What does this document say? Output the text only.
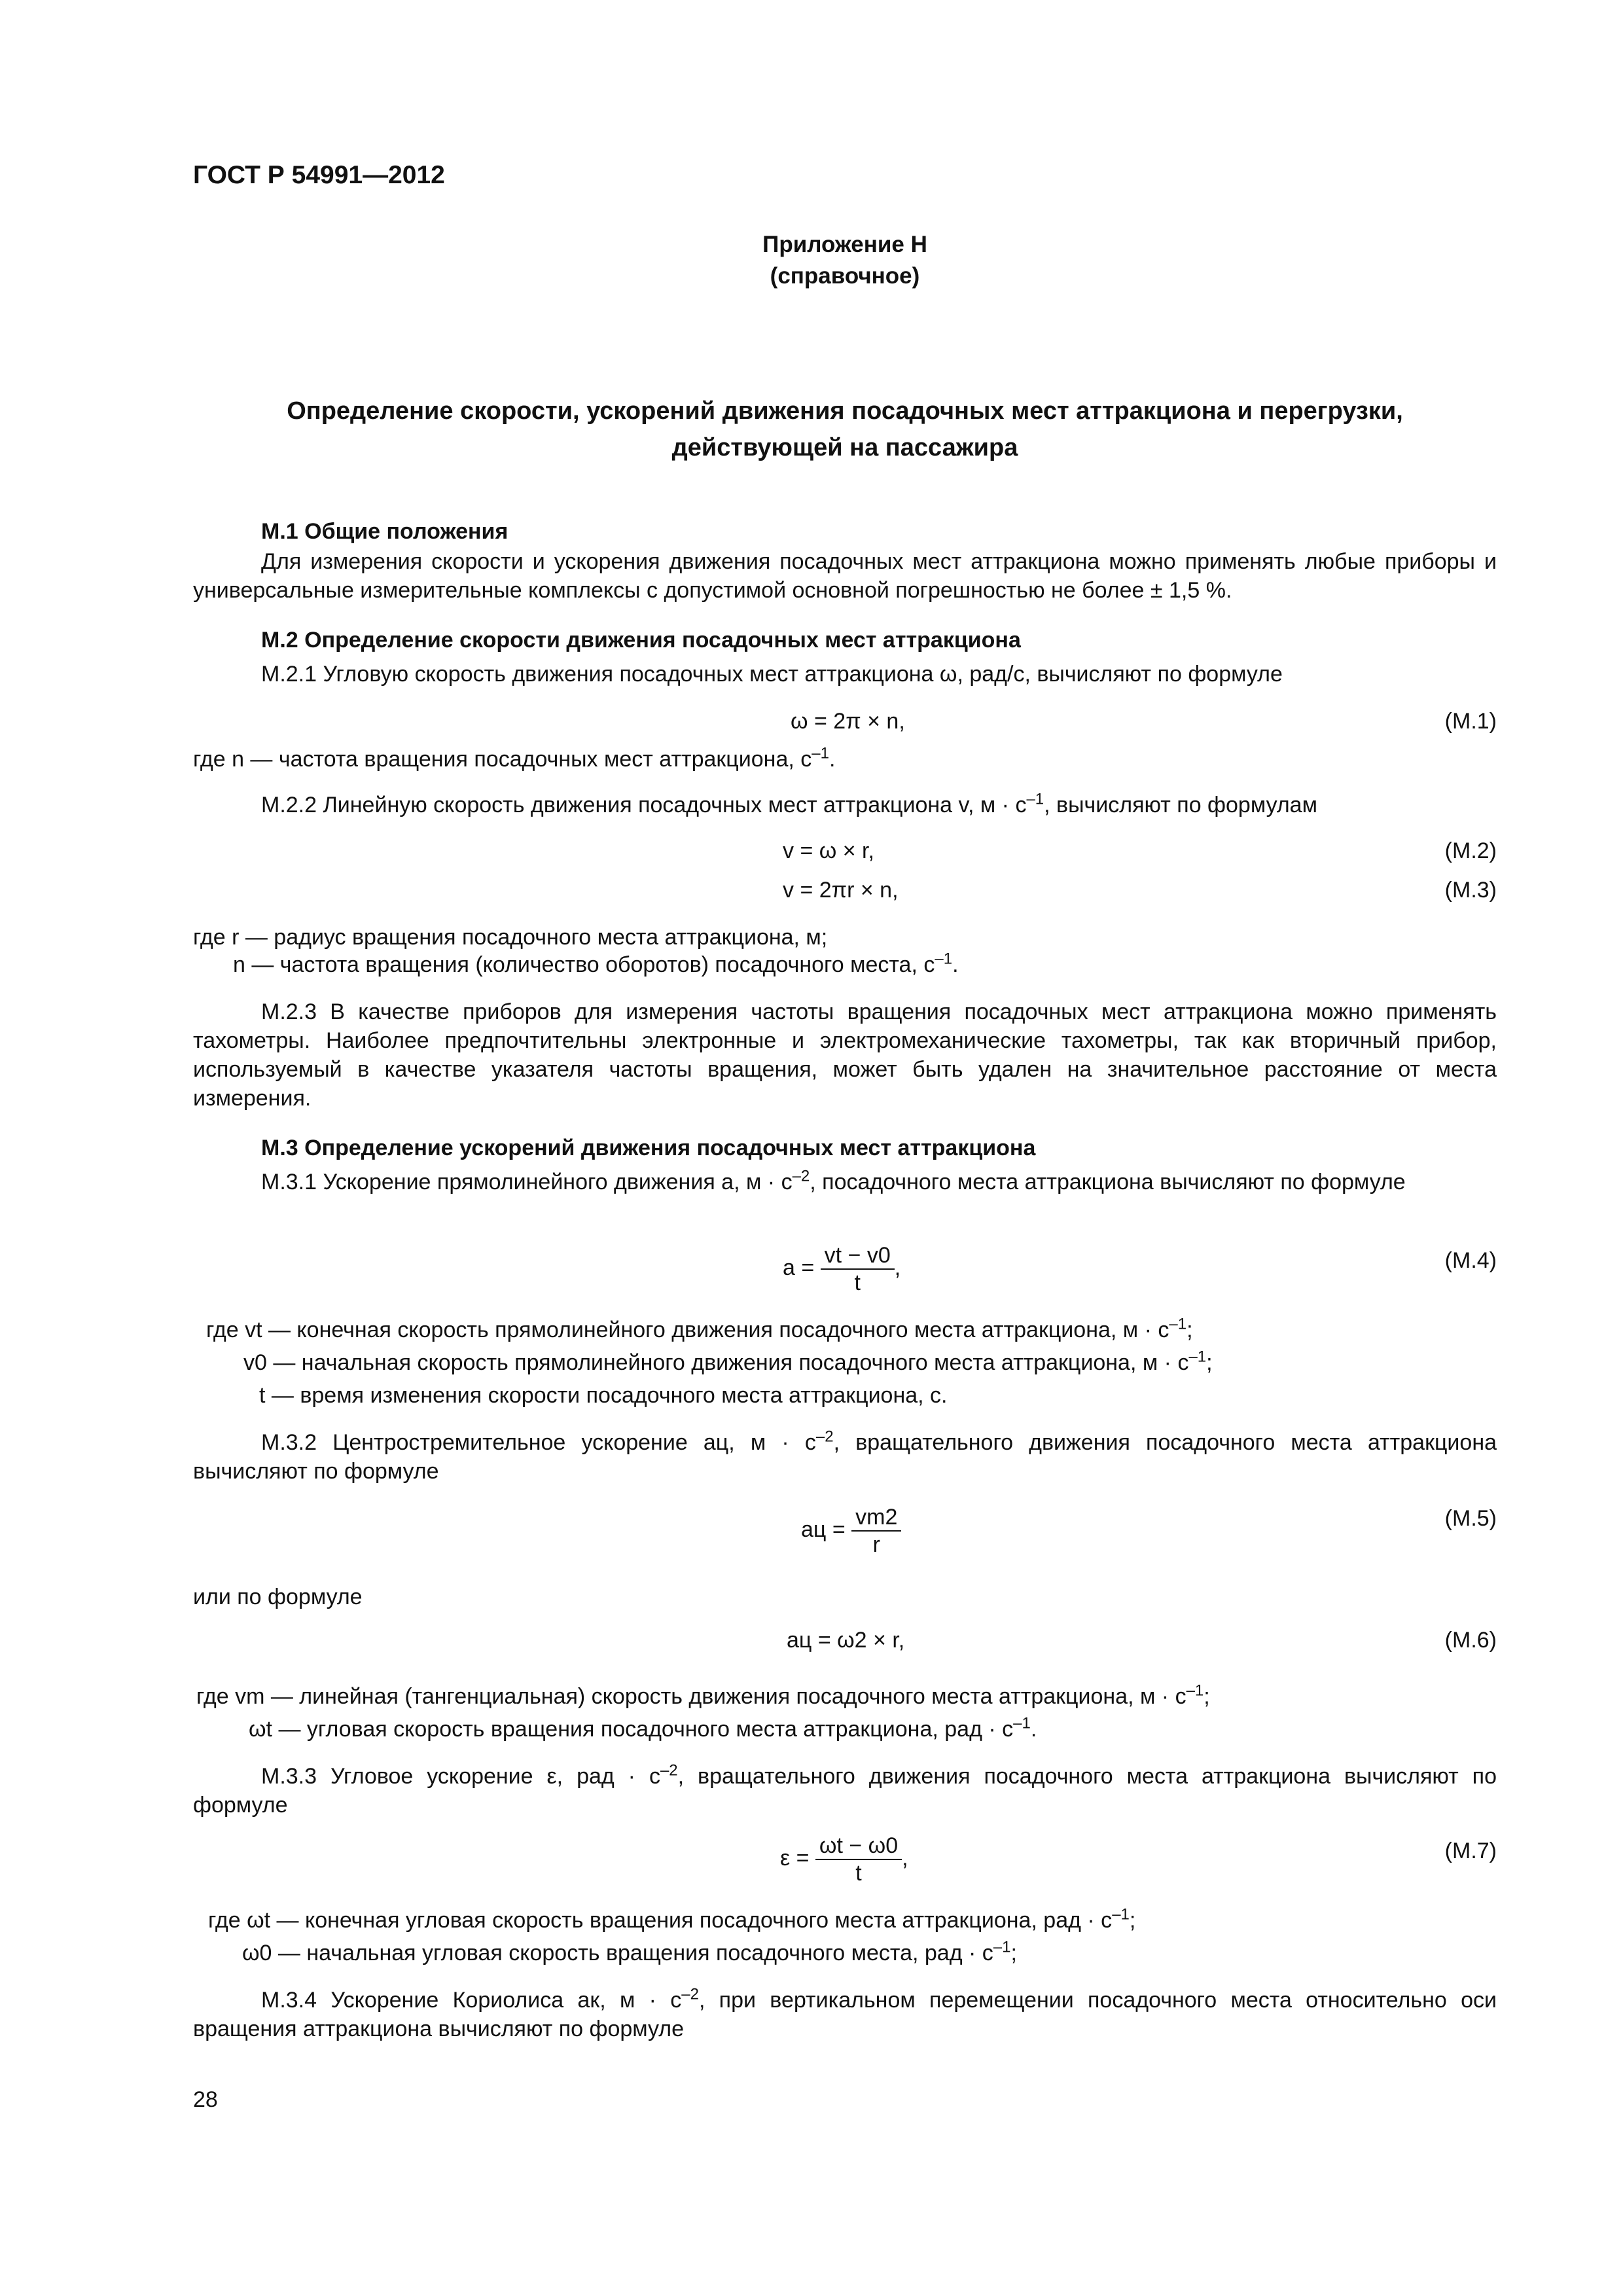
ГОСТ Р 54991—2012
Приложение Н
(справочное)
Определение скорости, ускорений движения посадочных мест аттракциона и перегрузки,
действующей на пассажира
М.1 Общие положения
Для измерения скорости и ускорения движения посадочных мест аттракциона можно применять любые приборы и универсальные измерительные комплексы с допустимой основной погрешностью не более ± 1,5 %.
М.2 Определение скорости движения посадочных мест аттракциона
М.2.1 Угловую скорость движения посадочных мест аттракциона ω, рад/с, вычисляют по формуле
ω = 2π × n,	(М.1)
где n — частота вращения посадочных мест аттракциона, $с^{-1}$.
М.2.2 Линейную скорость движения посадочных мест аттракциона v, $м \cdot с^{-1}$, вычисляют по формулам
v = ω × r,	(М.2)
v = 2πr × n,	(М.3)
где r — радиус вращения посадочного места аттракциона, м;
n — частота вращения (количество оборотов) посадочного места, $с^{-1}$.
М.2.3 В качестве приборов для измерения частоты вращения посадочных мест аттракциона можно применять тахометры. Наиболее предпочтительны электронные и электромеханические тахометры, так как вторичный прибор, используемый в качестве указателя частоты вращения, может быть удален на значительное расстояние от места измерения.
М.3 Определение ускорений движения посадочных мест аттракциона
М.3.1 Ускорение прямолинейного движения a, $м \cdot с^{-2}$, посадочного места аттракциона вычисляют по формуле
$a = \frac{vt - v0}{t}$ ,	(М.4)
где vt — конечная скорость прямолинейного движения посадочного места аттракциона, $м \cdot с^{-1}$;
v0 — начальная скорость прямолинейного движения посадочного места аттракциона, $м \cdot с^{-1}$;
t — время изменения скорости посадочного места аттракциона, с.
М.3.2 Центростремительное ускорение aц, $м \cdot с^{-2}$, вращательного движения посадочного места аттракциона вычисляют по формуле
aц = $\frac{vm2}{r}$	(М.5)
или по формуле
aц = ω2 × r,	(М.6)
где vm — линейная (тангенциальная) скорость движения посадочного места аттракциона, $м \cdot с^{-1}$;
ωt — угловая скорость вращения посадочного места аттракциона, рад · $с^{-1}$.
М.3.3 Угловое ускорение ε, рад · $с^{-2}$, вращательного движения посадочного места аттракциона вычисляют по формуле
$\varepsilon = \frac{\omega t - \omega 0}{t}$ ,	(М.7)
где ωt — конечная угловая скорость вращения посадочного места аттракциона, рад · $с^{-1}$;
ω0 — начальная угловая скорость вращения посадочного места, рад · $с^{-1}$;
М.3.4 Ускорение Кориолиса aк, $м \cdot с^{-2}$, при вертикальном перемещении посадочного места относительно оси вращения аттракциона вычисляют по формуле
28
